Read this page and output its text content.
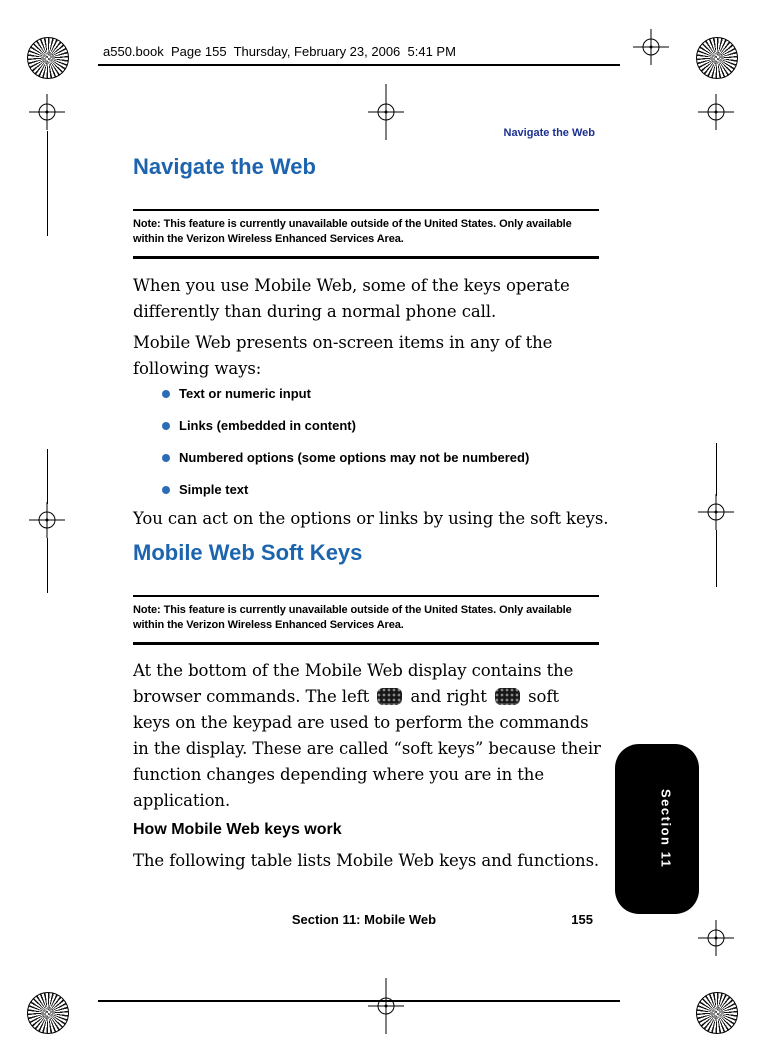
a550.book  Page 155  Thursday, February 23, 2006  5:41 PM
Navigate the Web
Navigate the Web
Note: This feature is currently unavailable outside of the United States. Only available within the Verizon Wireless Enhanced Services Area.

When you use Mobile Web, some of the keys operate differently than during a normal phone call.

Mobile Web presents on-screen items in any of the following ways:

Text or numeric input
Links (embedded in content)
Numbered options (some options may not be numbered)
Simple text

You can act on the options or links by using the soft keys.

Mobile Web Soft Keys
Note: This feature is currently unavailable outside of the United States. Only available within the Verizon Wireless Enhanced Services Area.

At the bottom of the Mobile Web display contains the browser commands. The left	and right	soft keys on the keypad are used to perform the commands in the display. These are called “soft keys” because their function changes depending where you are in the application.

How Mobile Web keys work

The following table lists Mobile Web keys and functions.

Section 11: Mobile Web	155
Section 11
